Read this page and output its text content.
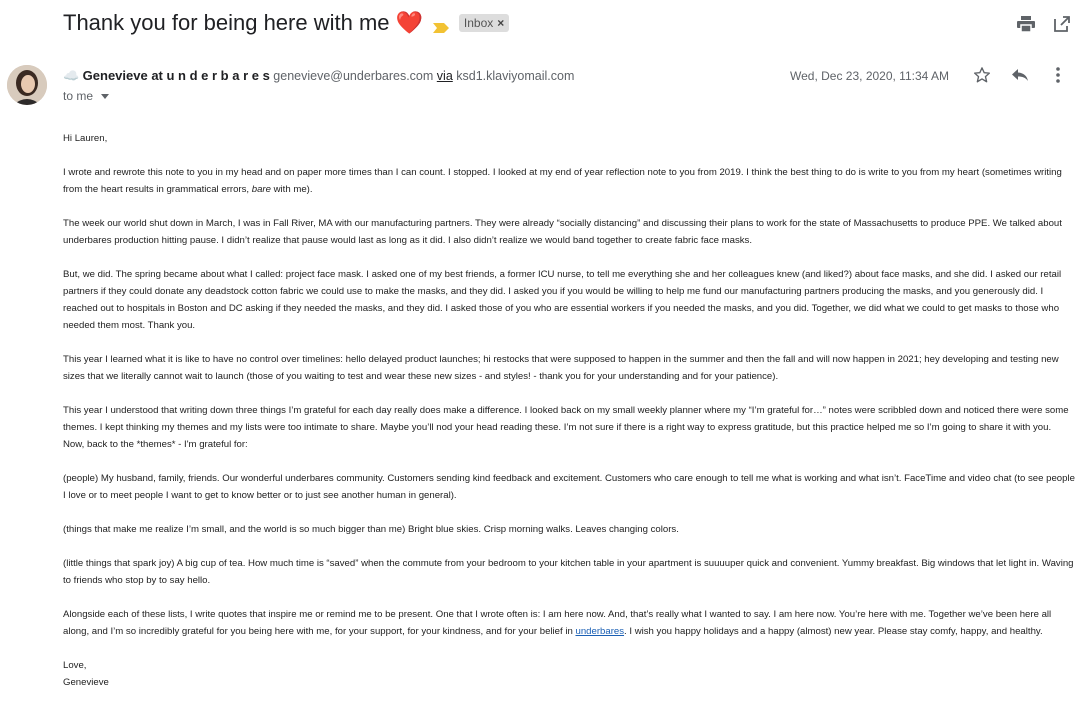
Thank you for being here with me ❤️	Inbox ×
☁️ Genevieve at u n d e r b a r e s genevieve@underbares.com via ksd1.klaviyomail.com
to me
Wed, Dec 23, 2020, 11:34 AM

Hi Lauren,

I wrote and rewrote this note to you in my head and on paper more times than I can count. I stopped. I looked at my end of year reflection note to you from 2019. I think the best thing to do is write to you from my heart (sometimes writing from the heart results in grammatical errors, bare with me).

The week our world shut down in March, I was in Fall River, MA with our manufacturing partners. They were already “socially distancing” and discussing their plans to work for the state of Massachusetts to produce PPE. We talked about underbares production hitting pause. I didn’t realize that pause would last as long as it did. I also didn’t realize we would band together to create fabric face masks.

But, we did. The spring became about what I called: project face mask. I asked one of my best friends, a former ICU nurse, to tell me everything she and her colleagues knew (and liked?) about face masks, and she did. I asked our retail partners if they could donate any deadstock cotton fabric we could use to make the masks, and they did. I asked you if you would be willing to help me fund our manufacturing partners producing the masks, and you generously did. I reached out to hospitals in Boston and DC asking if they needed the masks, and they did. I asked those of you who are essential workers if you needed the masks, and you did. Together, we did what we could to get masks to those who needed them most. Thank you.

This year I learned what it is like to have no control over timelines: hello delayed product launches; hi restocks that were supposed to happen in the summer and then the fall and will now happen in 2021; hey developing and testing new sizes that we literally cannot wait to launch (those of you waiting to test and wear these new sizes - and styles! - thank you for your understanding and for your patience).

This year I understood that writing down three things I’m grateful for each day really does make a difference. I looked back on my small weekly planner where my “I’m grateful for…” notes were scribbled down and noticed there were some themes. I kept thinking my themes and my lists were too intimate to share. Maybe you’ll nod your head reading these. I’m not sure if there is a right way to express gratitude, but this practice helped me so I’m going to share it with you. Now, back to the *themes* - I'm grateful for:

(people) My husband, family, friends. Our wonderful underbares community. Customers sending kind feedback and excitement. Customers who care enough to tell me what is working and what isn’t. FaceTime and video chat (to see people I love or to meet people I want to get to know better or to just see another human in general).

(things that make me realize I’m small, and the world is so much bigger than me) Bright blue skies. Crisp morning walks. Leaves changing colors.

(little things that spark joy) A big cup of tea. How much time is “saved” when the commute from your bedroom to your kitchen table in your apartment is suuuuper quick and convenient. Yummy breakfast. Big windows that let light in. Waving to friends who stop by to say hello.

Alongside each of these lists, I write quotes that inspire me or remind me to be present. One that I wrote often is: I am here now. And, that’s really what I wanted to say. I am here now. You’re here with me. Together we’ve been here all along, and I’m so incredibly grateful for you being here with me, for your support, for your kindness, and for your belief in underbares. I wish you happy holidays and a happy (almost) new year. Please stay comfy, happy, and healthy.

Love,

Genevieve
